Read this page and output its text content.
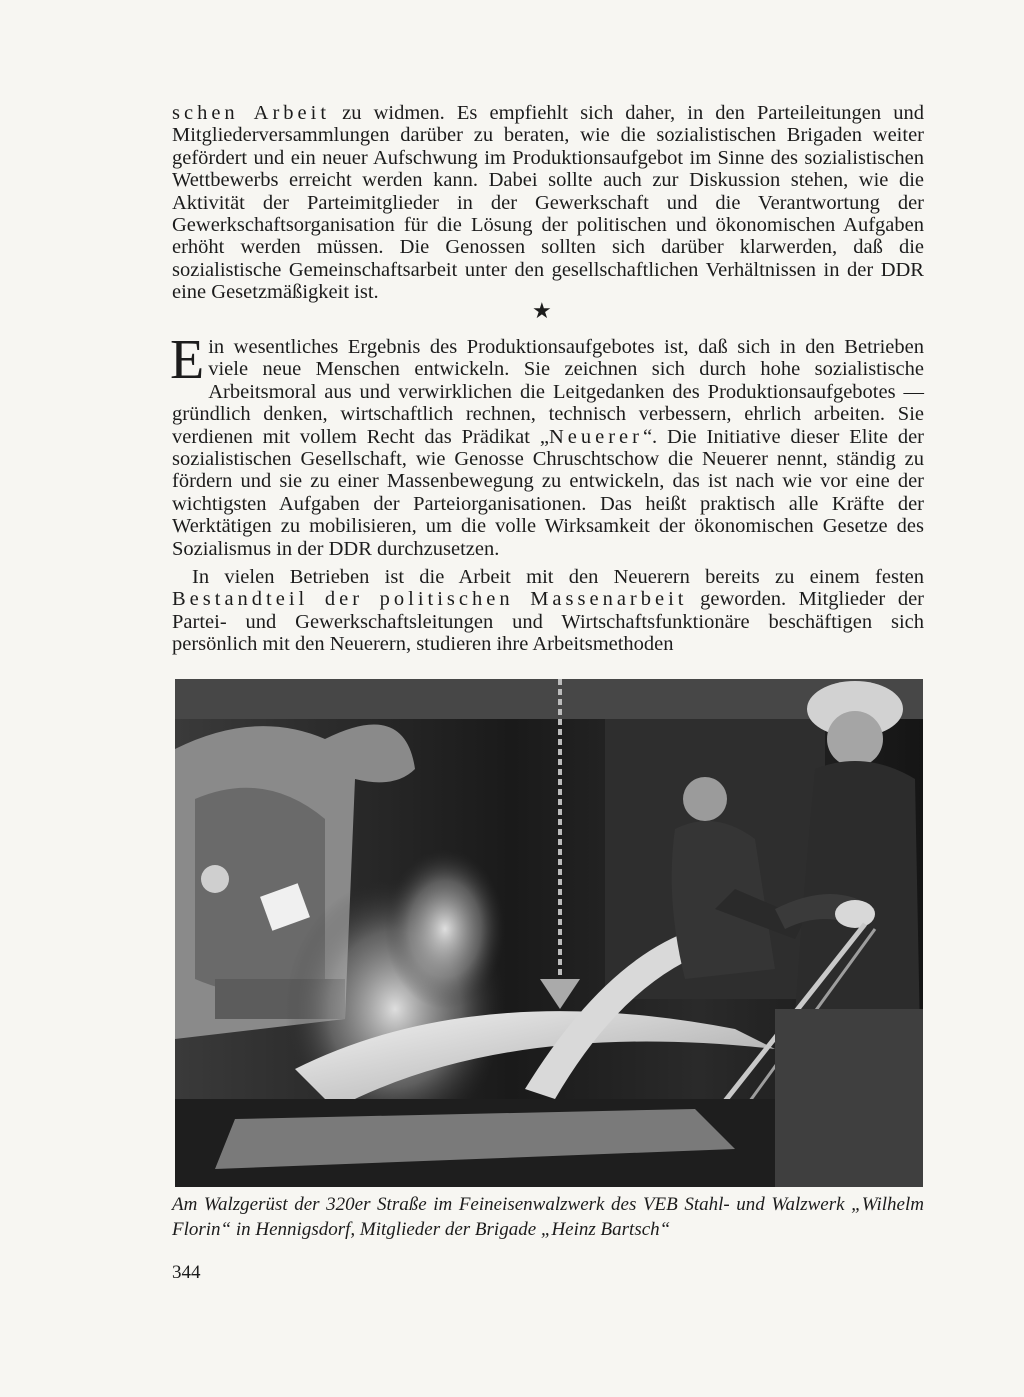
schen Arbeit zu widmen. Es empfiehlt sich daher, in den Parteileitungen und Mitgliederversammlungen darüber zu beraten, wie die sozialistischen Brigaden weiter gefördert und ein neuer Aufschwung im Produktionsaufgebot im Sinne des sozialistischen Wettbewerbs erreicht werden kann. Dabei sollte auch zur Diskussion stehen, wie die Aktivität der Parteimitglieder in der Gewerkschaft und die Verantwortung der Gewerkschaftsorganisation für die Lösung der politischen und ökonomischen Aufgaben erhöht werden müssen. Die Genossen sollten sich darüber klarwerden, daß die sozialistische Gemeinschaftsarbeit unter den gesellschaftlichen Verhältnissen in der DDR eine Gesetzmäßigkeit ist.

★

Ein wesentliches Ergebnis des Produktionsaufgebotes ist, daß sich in den Betrieben viele neue Menschen entwickeln. Sie zeichnen sich durch hohe sozialistische Arbeitsmoral aus und verwirklichen die Leitgedanken des Produktionsaufgebotes — gründlich denken, wirtschaftlich rechnen, technisch verbessern, ehrlich arbeiten. Sie verdienen mit vollem Recht das Prädikat „Neuerer“. Die Initiative dieser Elite der sozialistischen Gesellschaft, wie Genosse Chruschtschow die Neuerer nennt, ständig zu fördern und sie zu einer Massenbewegung zu entwickeln, das ist nach wie vor eine der wichtigsten Aufgaben der Parteiorganisationen. Das heißt praktisch alle Kräfte der Werktätigen zu mobilisieren, um die volle Wirksamkeit der ökonomischen Gesetze des Sozialismus in der DDR durchzusetzen.

In vielen Betrieben ist die Arbeit mit den Neuerern bereits zu einem festen Bestandteil der politischen Massenarbeit geworden. Mitglieder der Partei- und Gewerkschaftsleitungen und Wirtschaftsfunktionäre beschäftigen sich persönlich mit den Neuerern, studieren ihre Arbeitsmethoden

Am Walzgerüst der 320er Straße im Feineisenwalzwerk des VEB Stahl- und Walzwerk „Wilhelm Florin“ in Hennigsdorf, Mitglieder der Brigade „Heinz Bartsch“

344
